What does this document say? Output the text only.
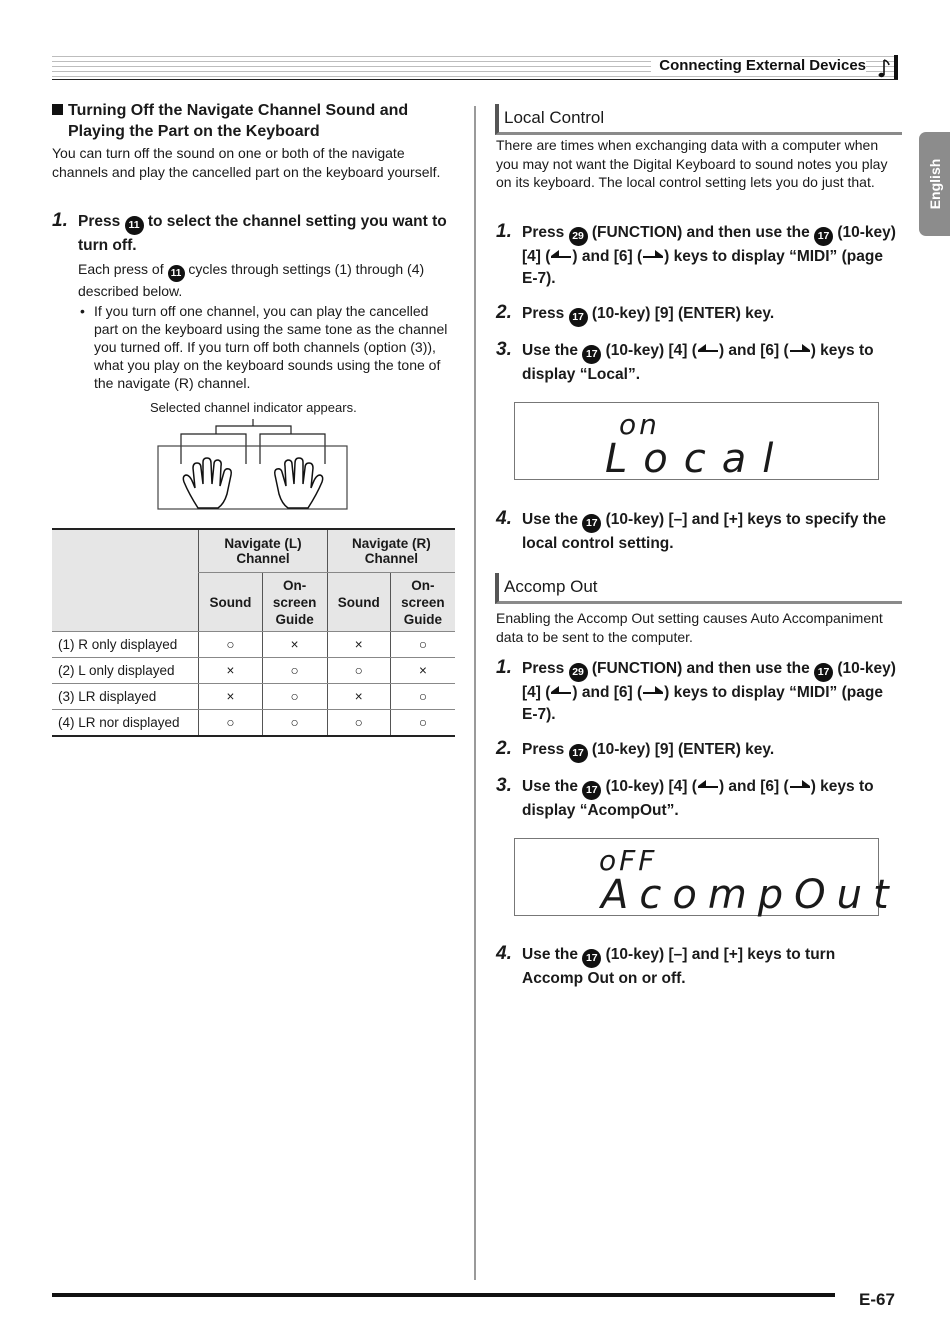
Connecting External Devices
English
Turning Off the Navigate Channel Sound and
Playing the Part on the Keyboard
You can turn off the sound on one or both of the navigate channels and play the cancelled part on the keyboard yourself.
1. Press 11 to select the channel setting you want to turn off.
Each press of 11 cycles through settings (1) through (4) described below.
• If you turn off one channel, you can play the cancelled part on the keyboard using the same tone as the channel you turned off. If you turn off both channels (option (3)), what you play on the keyboard sounds using the tone of the navigate (R) channel.
Selected channel indicator appears.
	Navigate (L) Channel		Navigate (R) Channel	
	Sound	On-screen Guide	Sound	On-screen Guide
(1) R only displayed	○	×	×	○
(2) L only displayed	×	○	○	×
(3) LR displayed	×	○	×	○
(4) LR nor displayed	○	○	○	○
Local Control
There are times when exchanging data with a computer when you may not want the Digital Keyboard to sound notes you play on its keyboard. The local control setting lets you do just that.
1. Press 29 (FUNCTION) and then use the 17 (10-key) [4] ( ) and [6] ( ) keys to display “MIDI” (page E-7).
2. Press 17 (10-key) [9] (ENTER) key.
3. Use the 17 (10-key) [4] ( ) and [6] ( ) keys to display “Local”.
on
Local
4. Use the 17 (10-key) [–] and [+] keys to specify the local control setting.
Accomp Out
Enabling the Accomp Out setting causes Auto Accompaniment data to be sent to the computer.
1. Press 29 (FUNCTION) and then use the 17 (10-key) [4] ( ) and [6] ( ) keys to display “MIDI” (page E-7).
2. Press 17 (10-key) [9] (ENTER) key.
3. Use the 17 (10-key) [4] ( ) and [6] ( ) keys to display “AcompOut”.
oFF
AcompOut
4. Use the 17 (10-key) [–] and [+] keys to turn Accomp Out on or off.
E-67
